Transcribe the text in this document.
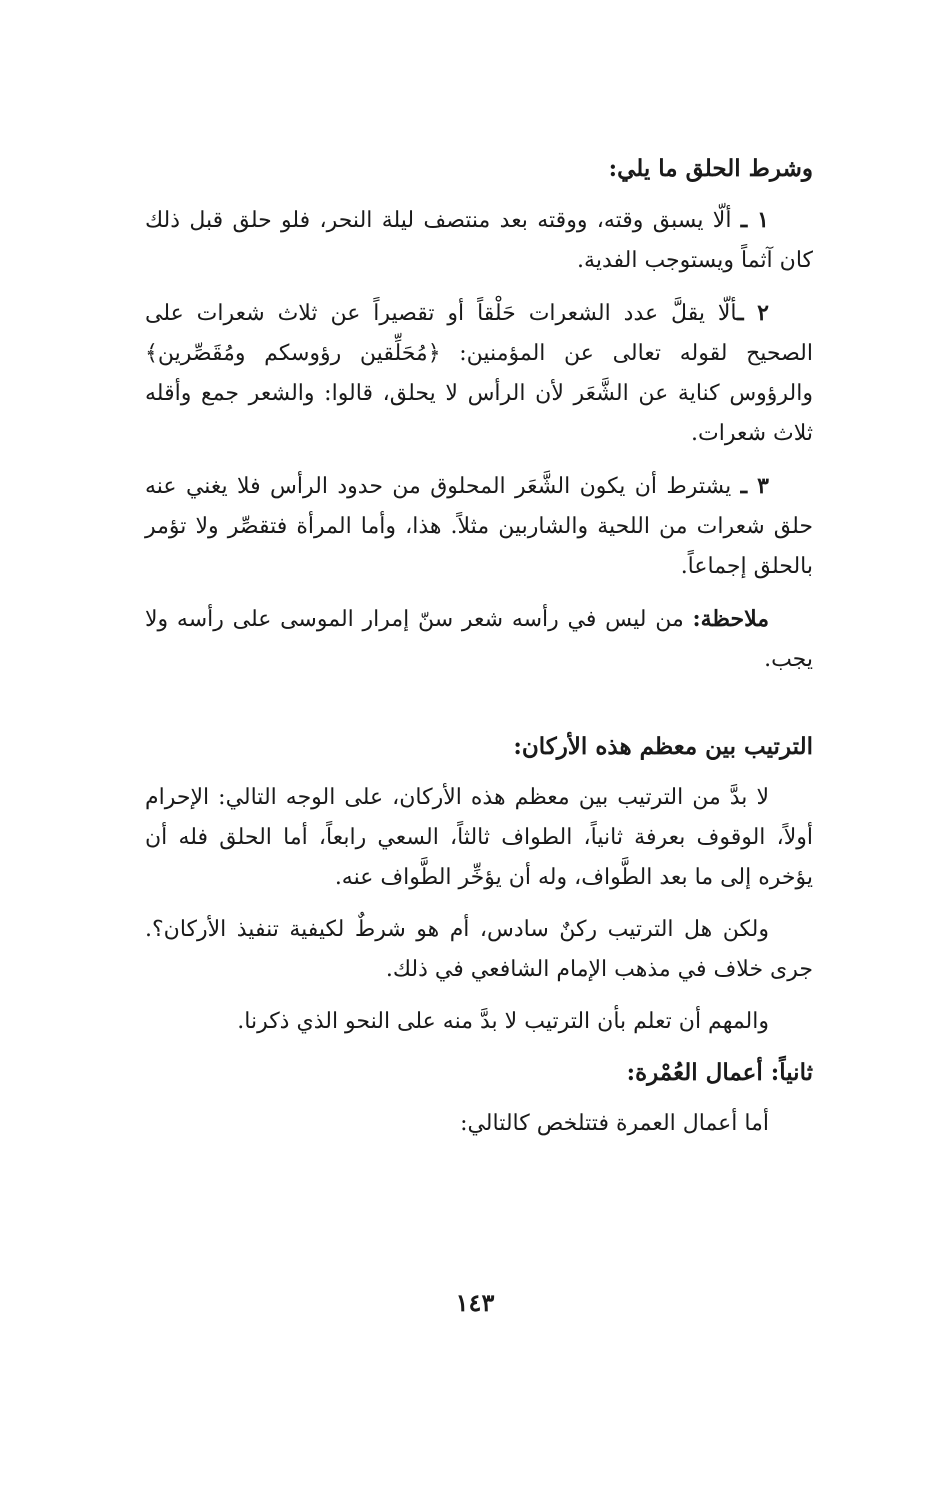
وشرط الحلق ما يلي:

١ ـ ألّا يسبق وقته، ووقته بعد منتصف ليلة النحر، فلو حلق قبل ذلك كان آثماً ويستوجب الفدية.

٢ ـألّا يقلَّ عدد الشعرات حَلْقاً أو تقصيراً عن ثلاث شعرات على الصحيح لقوله تعالى عن المؤمنين: ﴿مُحَلِّقين رؤوسكم ومُقَصِّرين﴾ والرؤوس كناية عن الشَّعَر لأن الرأس لا يحلق، قالوا: والشعر جمع وأقله ثلاث شعرات.

٣ ـ يشترط أن يكون الشَّعَر المحلوق من حدود الرأس فلا يغني عنه حلق شعرات من اللحية والشاربين مثلاً. هذا، وأما المرأة فتقصِّر ولا تؤمر بالحلق إجماعاً.

ملاحظة: من ليس في رأسه شعر سنّ إمرار الموسى على رأسه ولا يجب.

الترتيب بين معظم هذه الأركان:

لا بدَّ من الترتيب بين معظم هذه الأركان، على الوجه التالي: الإحرام أولاً، الوقوف بعرفة ثانياً، الطواف ثالثاً، السعي رابعاً، أما الحلق فله أن يؤخره إلى ما بعد الطَّواف، وله أن يؤخِّر الطَّواف عنه.

ولكن هل الترتيب ركنٌ سادس، أم هو شرطٌ لكيفية تنفيذ الأركان؟. جرى خلاف في مذهب الإمام الشافعي في ذلك.

والمهم أن تعلم بأن الترتيب لا بدَّ منه على النحو الذي ذكرنا.

ثانياً: أعمال العُمْرة:

أما أعمال العمرة فتتلخص كالتالي:

١٤٣
